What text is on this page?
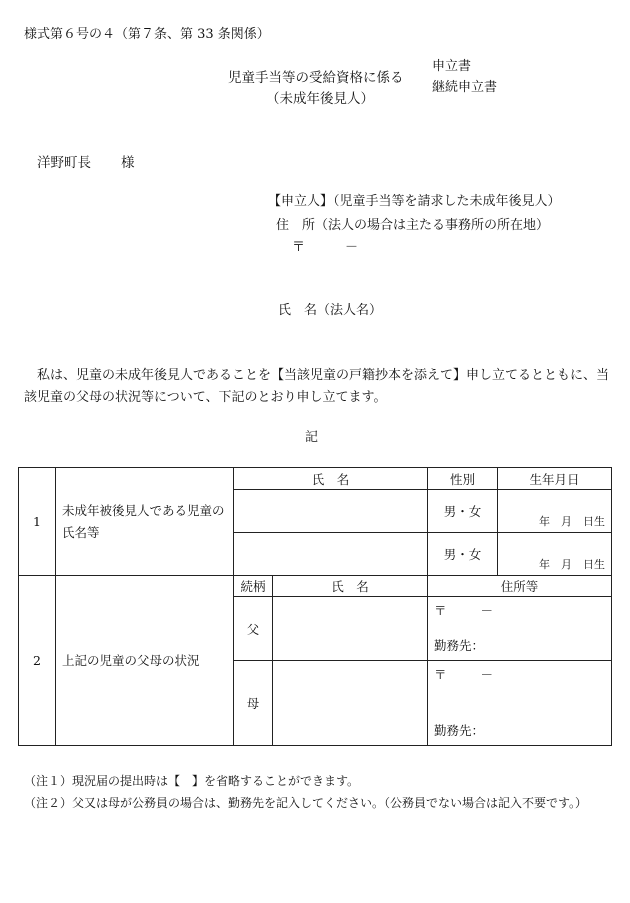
様式第６号の４（第７条、第 33 条関係）
児童手当等の受給資格に係る
（未成年後見人）
申立書
継続申立書
洋野町長 様
【申立人】（児童手当等を請求した未成年後見人）
住　所（法人の場合は主たる事務所の所在地）
〒	－
氏　名（法人名）
私は、児童の未成年後見人であることを【当該児童の戸籍抄本を添えて】申し立てるとともに、当該児童の父母の状況等について、下記のとおり申し立てます。
記
1	未成年被後見人である児童の氏名等	氏　名		性別	生年月日
				男・女	年　月　日生

				男・女	年　月　日生

2	上記の児童の父母の状況	続柄	氏　名	住所等	
		父		〒 －
勤務先：	

		母		〒 －
勤務先：	
（注１）現況届の提出時は【　】を省略することができます。
（注２）父又は母が公務員の場合は、勤務先を記入してください。（公務員でない場合は記入不要です。）
